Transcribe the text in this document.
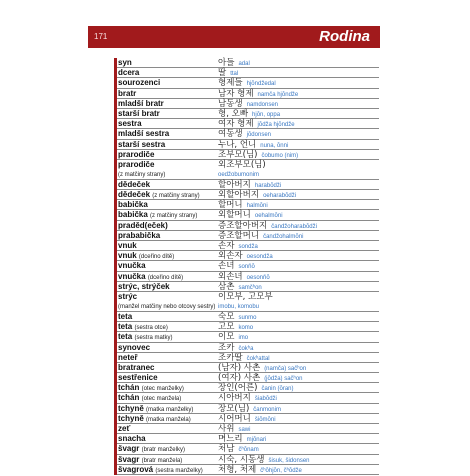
171	Rodina
syn	아들 adal
dcera	딸 ttal
sourozenci	형제들 hjŏndžedal
bratr	남자 형제 namča hjŏndže
mladší bratr	남동생 namdonsen
starší bratr	형, 오빠 hjŏn, oppa
sestra	여자 형제 jŏdža hjŏndže
mladší sestra	여동생 jŏdonsen
starší sestra	누나, 언니 nuna, ŏnni
prarodiče	조부모(님) čobumo (nim)
prarodiče	외조부모(님)
(z matčiny strany)	oedžobumonim
dědeček	할아버지 harabŏdži
dědeček (z matčiny strany) 외할아버지 oeharabŏdži
babička	할머니 halmŏni
babička (z matčiny strany) 외할머니 oehalmŏni
praděd(eček)	증조할아버지 čandžoharabŏdži
prababička	증조할머니 čandžohalmŏni
vnuk	손자 sondža
vnuk (dceřino dítě)	외손자 oesondža
vnučka	손녀 sonňŏ
vnučka (dceřino dítě)	외손녀 oesonňŏ
strýc, strýček	삼촌 samčʰon
strýc	이모부, 고모부
(manžel matčiny nebo otcovy sestry) imobu, komobu
teta	숙모 sunmo
teta (sestra otce)	고모 komo
teta (sestra matky)	이모 imo
synovec	조카 čokʰa
neteř	조카딸 čokʰattal
bratranec	(남자) 사촌 (namča) sačʰon
sestřenice	(여자) 사촌 (jŏdža) sačʰon
tchán (otec manželky)	장인(어른) čanin (ŏran)
tchán (otec manžela)	시아버지 šiabŏdži
tchyně (matka manželky)	장모(님) čanmonim
tchyně (matka manžela)	시어머니 šiŏmŏni
zeť	사위 sawi
snacha	며느리 mjŏnari
švagr (bratr manželky)	처남 čʰŏnam
švagr (bratr manžela)	시숙, 시동생 šisuk, šidonsen
švagrová (sestra manželky) 처형, 처제 čʰŏhjŏn, čʰŏdže
